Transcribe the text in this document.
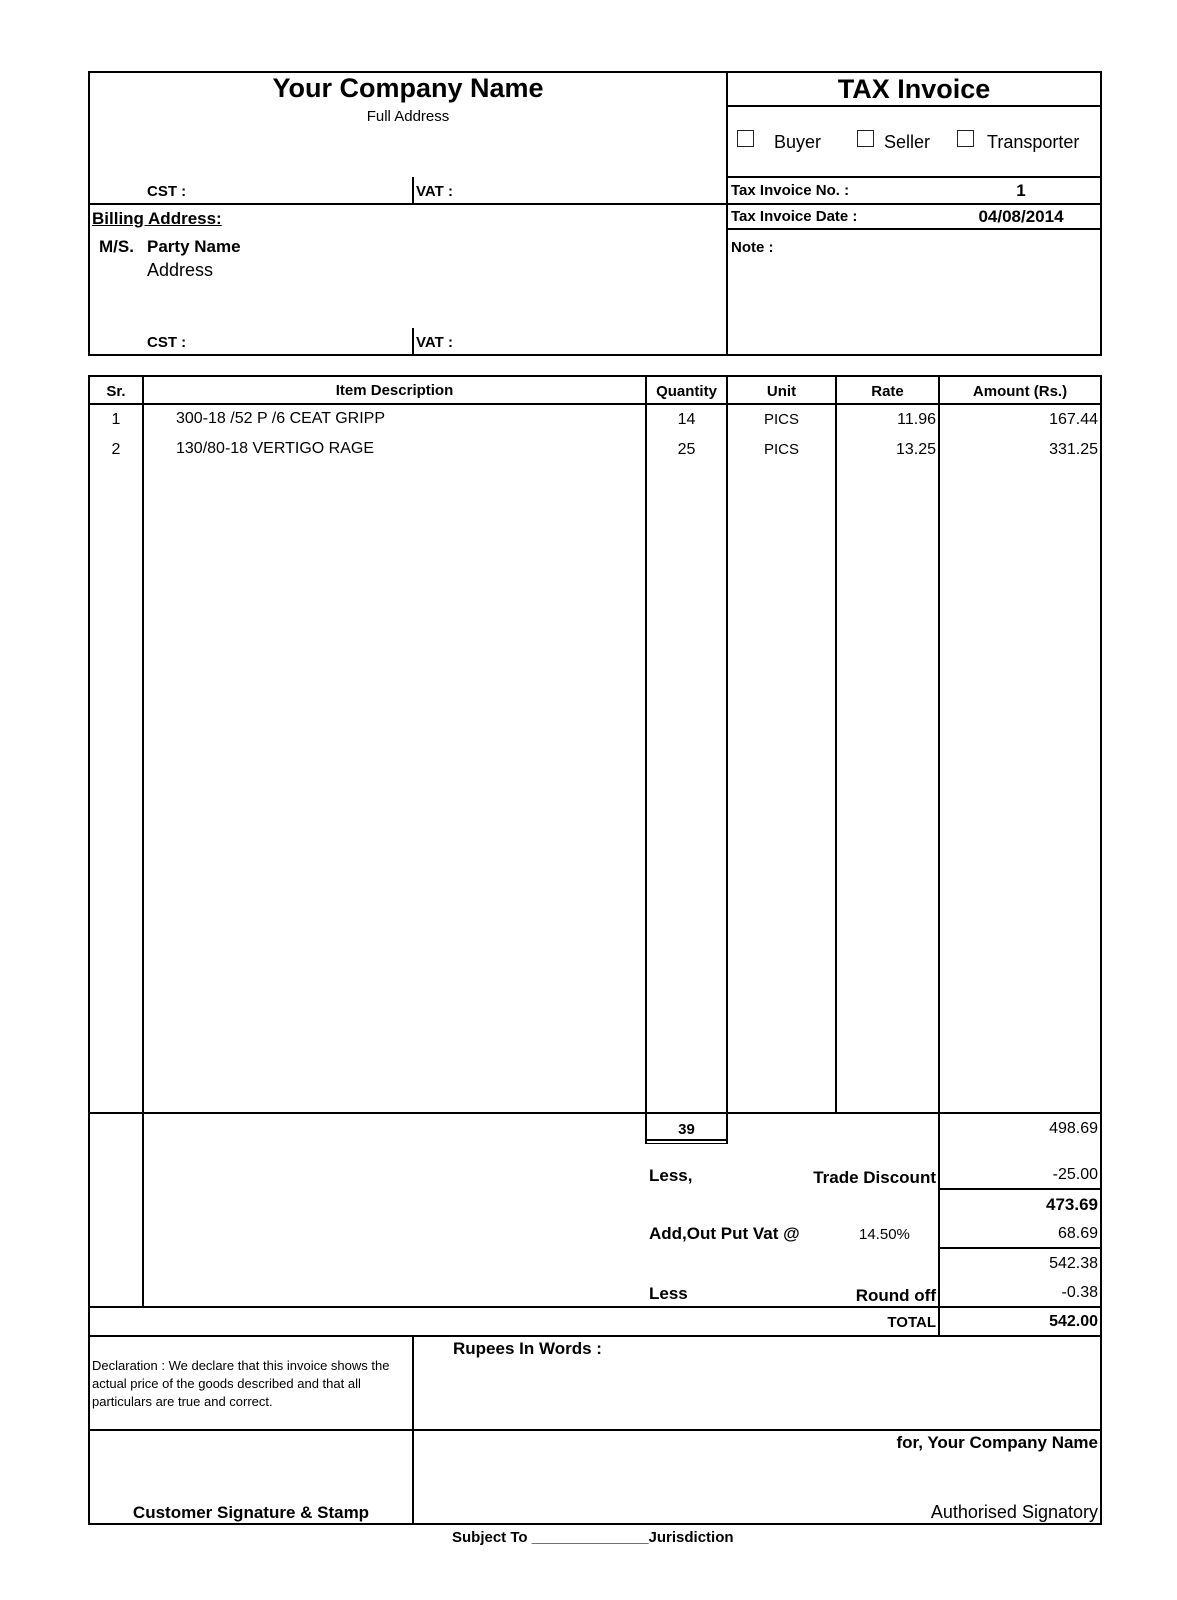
Your Company Name
Full Address
CST :	VAT :
TAX Invoice
Buyer	Seller	Transporter
Tax Invoice No. :	1
Tax Invoice Date :	04/08/2014
Note :
Billing Address:
M/S. Party Name
Address
CST :	VAT :
Sr.	Item Description	Quantity	Unit	Rate	Amount (Rs.)
1	300-18 /52 P /6 CEAT GRIPP	14	PICS	11.96	167.44
2	130/80-18 VERTIGO RAGE	25	PICS	13.25	331.25
39	498.69
Less,	Trade Discount	-25.00
473.69
Add,Out Put Vat @	14.50%	68.69
542.38
Less	Round off	-0.38
TOTAL	542.00
Declaration : We declare that this invoice shows the actual price of the goods described and that all particulars are true and correct.
Rupees In Words :
for, Your Company Name
Customer Signature & Stamp	Authorised Signatory
Subject To ______________Jurisdiction
